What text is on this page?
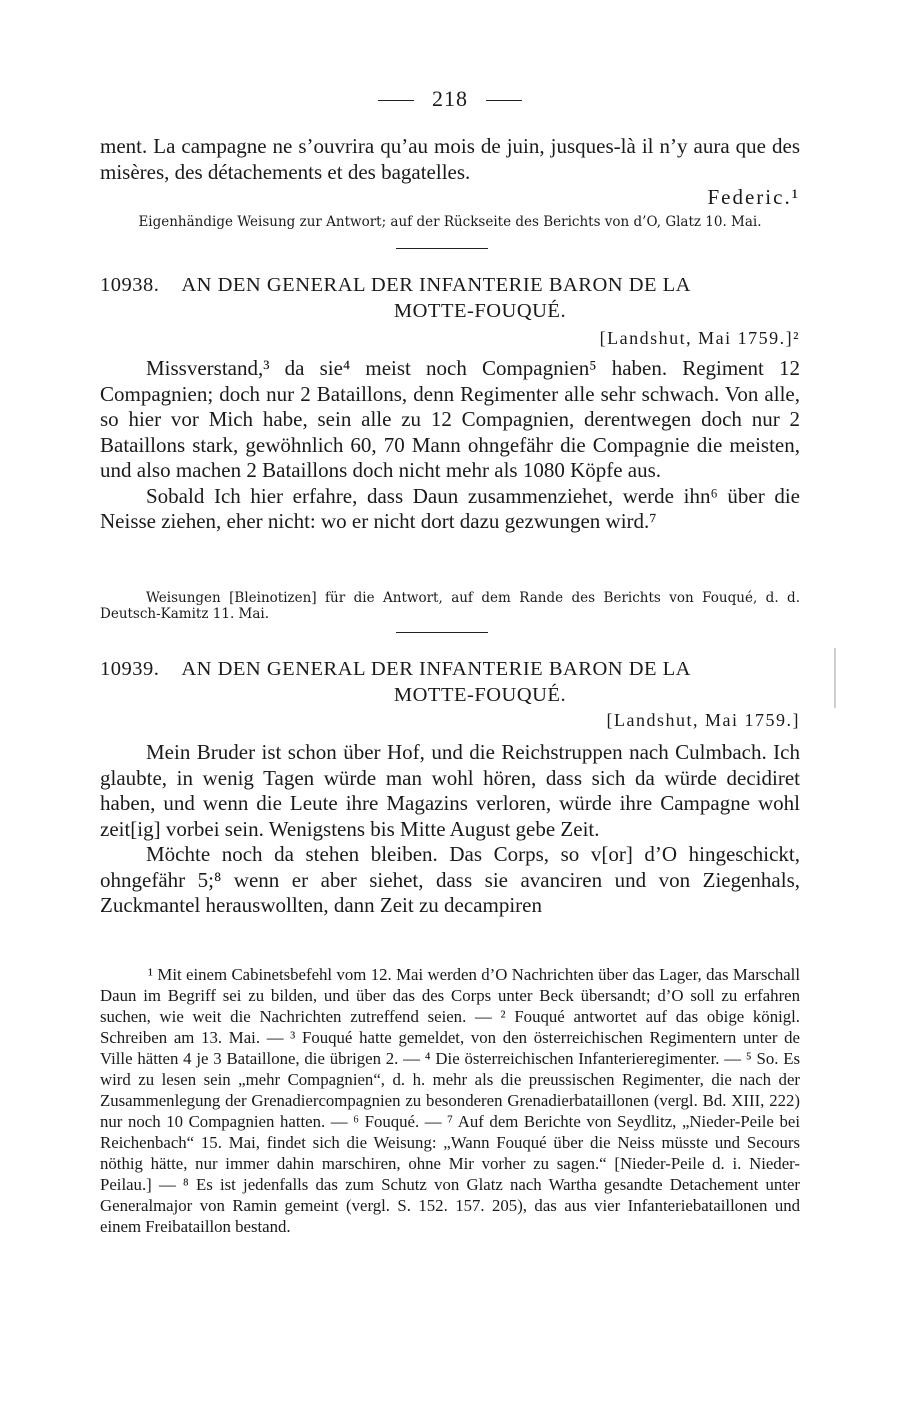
218

ment. La campagne ne s’ouvrira qu’au mois de juin, jusques-là il n’y aura que des misères, des détachements et des bagatelles.

Federic.¹
Eigenhändige Weisung zur Antwort; auf der Rückseite des Berichts von d’O, Glatz 10. Mai.
10938. AN DEN GENERAL DER INFANTERIE BARON DE LA
MOTTE-FOUQUÉ.
[Landshut, Mai 1759.]²

Missverstand,³ da sie⁴ meist noch Compagnien⁵ haben. Regiment 12 Compagnien; doch nur 2 Bataillons, denn Regimenter alle sehr schwach. Von alle, so hier vor Mich habe, sein alle zu 12 Compagnien, derentwegen doch nur 2 Bataillons stark, gewöhnlich 60, 70 Mann ohngefähr die Compagnie die meisten, und also machen 2 Bataillons doch nicht mehr als 1080 Köpfe aus.

Sobald Ich hier erfahre, dass Daun zusammenziehet, werde ihn⁶ über die Neisse ziehen, eher nicht: wo er nicht dort dazu gezwungen wird.⁷

Weisungen [Bleinotizen] für die Antwort, auf dem Rande des Berichts von Fouqué, d. d. Deutsch-Kamitz 11. Mai.

10939. AN DEN GENERAL DER INFANTERIE BARON DE LA
MOTTE-FOUQUÉ.
[Landshut, Mai 1759.]

Mein Bruder ist schon über Hof, und die Reichstruppen nach Culmbach. Ich glaubte, in wenig Tagen würde man wohl hören, dass sich da würde decidiret haben, und wenn die Leute ihre Magazins verloren, würde ihre Campagne wohl zeit[ig] vorbei sein. Wenigstens bis Mitte August gebe Zeit.

Möchte noch da stehen bleiben. Das Corps, so v[or] d’O hingeschickt, ohngefähr 5;⁸ wenn er aber siehet, dass sie avanciren und von Ziegenhals, Zuckmantel herauswollten, dann Zeit zu decampiren

¹ Mit einem Cabinetsbefehl vom 12. Mai werden d’O Nachrichten über das Lager, das Marschall Daun im Begriff sei zu bilden, und über das des Corps unter Beck übersandt; d’O soll zu erfahren suchen, wie weit die Nachrichten zutreffend seien. — ² Fouqué antwortet auf das obige königl. Schreiben am 13. Mai. — ³ Fouqué hatte gemeldet, von den österreichischen Regimentern unter de Ville hätten 4 je 3 Bataillone, die übrigen 2. — ⁴ Die österreichischen Infanterieregimenter. — ⁵ So. Es wird zu lesen sein „mehr Compagnien“, d. h. mehr als die preussischen Regimenter, die nach der Zusammenlegung der Grenadiercompagnien zu besonderen Grenadierbataillonen (vergl. Bd. XIII, 222) nur noch 10 Compagnien hatten. — ⁶ Fouqué. — ⁷ Auf dem Berichte von Seydlitz, „Nieder-Peile bei Reichenbach“ 15. Mai, findet sich die Weisung: „Wann Fouqué über die Neiss müsste und Secours nöthig hätte, nur immer dahin marschiren, ohne Mir vorher zu sagen.“ [Nieder-Peile d. i. Nieder-Peilau.] — ⁸ Es ist jedenfalls das zum Schutz von Glatz nach Wartha gesandte Detachement unter Generalmajor von Ramin gemeint (vergl. S. 152. 157. 205), das aus vier Infanteriebataillonen und einem Freibataillon bestand.
